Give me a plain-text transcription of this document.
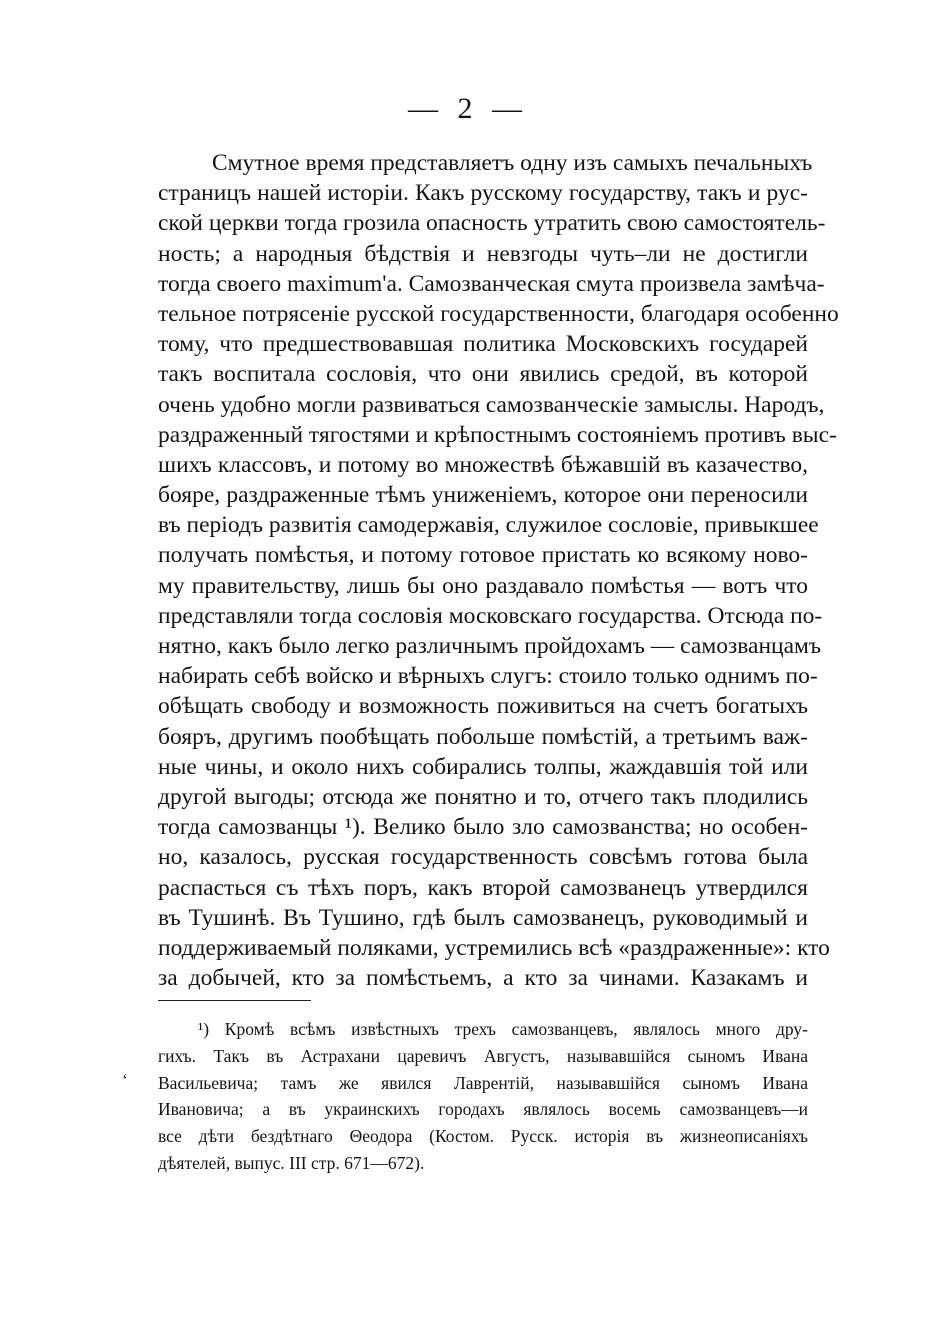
— 2 —
Смутное время представляетъ одну изъ самыхъ печальныхъ
страницъ нашей исторіи. Какъ русскому государству, такъ и рус-
ской церкви тогда грозила опасность утратить свою самостоятель-
ность; а народныя бѣдствія и невзгоды чуть–ли не достигли
тогда своего maximum'а. Самозванческая смута произвела замѣча-
тельное потрясеніе русской государственности, благодаря особенно
тому, что предшествовавшая политика Московскихъ государей
такъ воспитала сословія, что они явились средой, въ которой
очень удобно могли развиваться самозванческіе замыслы. Народъ,
раздраженный тягостями и крѣпостнымъ состояніемъ противъ выс-
шихъ классовъ, и потому во множествѣ бѣжавшій въ казачество,
бояре, раздраженные тѣмъ униженіемъ, которое они переносили
въ періодъ развитія самодержавія, служилое сословіе, привыкшее
получать помѣстья, и потому готовое пристать ко всякому ново-
му правительству, лишь бы оно раздавало помѣстья — вотъ что
представляли тогда сословія московскаго государства. Отсюда по-
нятно, какъ было легко различнымъ пройдохамъ — самозванцамъ
набирать себѣ войско и вѣрныхъ слугъ: стоило только однимъ по-
обѣщать свободу и возможность поживиться на счетъ богатыхъ
бояръ, другимъ пообѣщать побольше помѣстій, а третьимъ важ-
ные чины, и около нихъ собирались толпы, жаждавшія той или
другой выгоды; отсюда же понятно и то, отчего такъ плодились
тогда самозванцы ¹). Велико было зло самозванства; но особен-
но, казалось, русская государственность совсѣмъ готова была
распасться съ тѣхъ поръ, какъ второй самозванецъ утвердился
въ Тушинѣ. Въ Тушино, гдѣ былъ самозванецъ, руководимый и
поддерживаемый поляками, устремились всѣ «раздраженные»: кто
за добычей, кто за помѣстьемъ, а кто за чинами. Казакамъ и
¹) Кромѣ всѣмъ извѣстныхъ трехъ самозванцевъ, являлось много дру-
гихъ. Такъ въ Астрахани царевичъ Августъ, называвшійся сыномъ Ивана
Васильевича; тамъ же явился Лаврентій, называвшійся сыномъ Ивана
Ивановича; а въ украинскихъ городахъ являлось восемь самозванцевъ—и
все дѣти бездѣтнаго Θеодора (Костом. Русск. исторія въ жизнеописаніяхъ
дѣятелей, выпус. III стр. 671—672).
ʻ
